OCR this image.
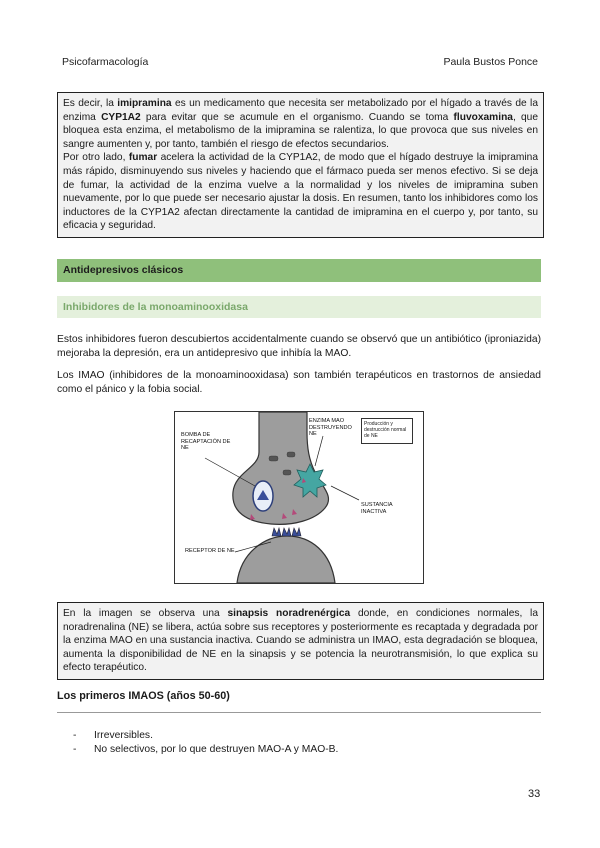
Psicofarmacología	Paula Bustos Ponce

Es decir, la imipramina es un medicamento que necesita ser metabolizado por el hígado a través de la enzima CYP1A2 para evitar que se acumule en el organismo. Cuando se toma fluvoxamina, que bloquea esta enzima, el metabolismo de la imipramina se ralentiza, lo que provoca que sus niveles en sangre aumenten y, por tanto, también el riesgo de efectos secundarios.

Por otro lado, fumar acelera la actividad de la CYP1A2, de modo que el hígado destruye la imipramina más rápido, disminuyendo sus niveles y haciendo que el fármaco pueda ser menos efectivo. Si se deja de fumar, la actividad de la enzima vuelve a la normalidad y los niveles de imipramina suben nuevamente, por lo que puede ser necesario ajustar la dosis. En resumen, tanto los inhibidores como los inductores de la CYP1A2 afectan directamente la cantidad de imipramina en el cuerpo y, por tanto, su eficacia y seguridad.

Antidepresivos clásicos
Inhibidores de la monoaminooxidasa
Estos inhibidores fueron descubiertos accidentalmente cuando se observó que un antibiótico (iproniazida) mejoraba la depresión, era un antidepresivo que inhibía la MAO.
Los IMAO (inhibidores de la monoaminooxidasa) son también terapéuticos en trastornos de ansiedad como el pánico y la fobia social.
BOMBA DE RECAPTACIÓN DE NE
ENZIMA MAO DESTRUYENDO NE
Producción y destrucción normal de NE
SUSTANCIA INACTIVA
RECEPTOR DE NE

En la imagen se observa una sinapsis noradrenérgica donde, en condiciones normales, la noradrenalina (NE) se libera, actúa sobre sus receptores y posteriormente es recaptada y degradada por la enzima MAO en una sustancia inactiva. Cuando se administra un IMAO, esta degradación se bloquea, aumenta la disponibilidad de NE en la sinapsis y se potencia la neurotransmisión, lo que explica su efecto terapéutico.

Los primeros IMAOS (años 50-60)
- Irreversibles.
- No selectivos, por lo que destruyen MAO-A y MAO-B.
33
